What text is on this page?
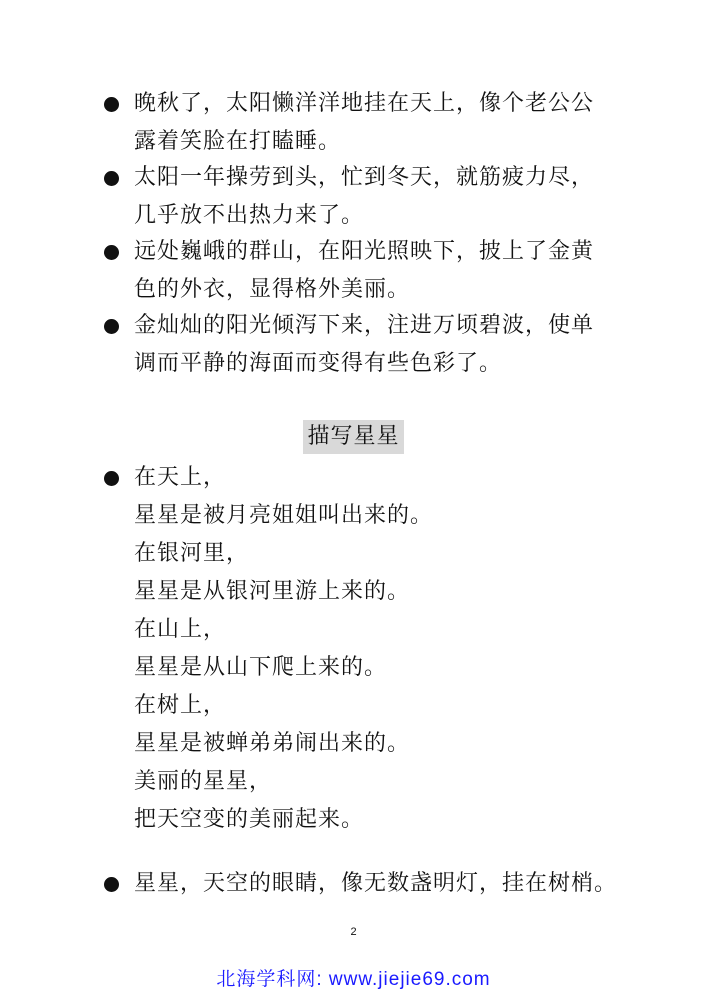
晚秋了，太阳懒洋洋地挂在天上，像个老公公
露着笑脸在打瞌睡。
太阳一年操劳到头，忙到冬天，就筋疲力尽，
几乎放不出热力来了。
远处巍峨的群山，在阳光照映下，披上了金黄
色的外衣，显得格外美丽。
金灿灿的阳光倾泻下来，注进万顷碧波，使单
调而平静的海面而变得有些色彩了。
描写星星
在天上，
星星是被月亮姐姐叫出来的。
在银河里，
星星是从银河里游上来的。
在山上，
星星是从山下爬上来的。
在树上，
星星是被蝉弟弟闹出来的。
美丽的星星，
把天空变的美丽起来。
星星，天空的眼睛，像无数盏明灯，挂在树梢。
2
北海学科网: www.jiejie69.com
